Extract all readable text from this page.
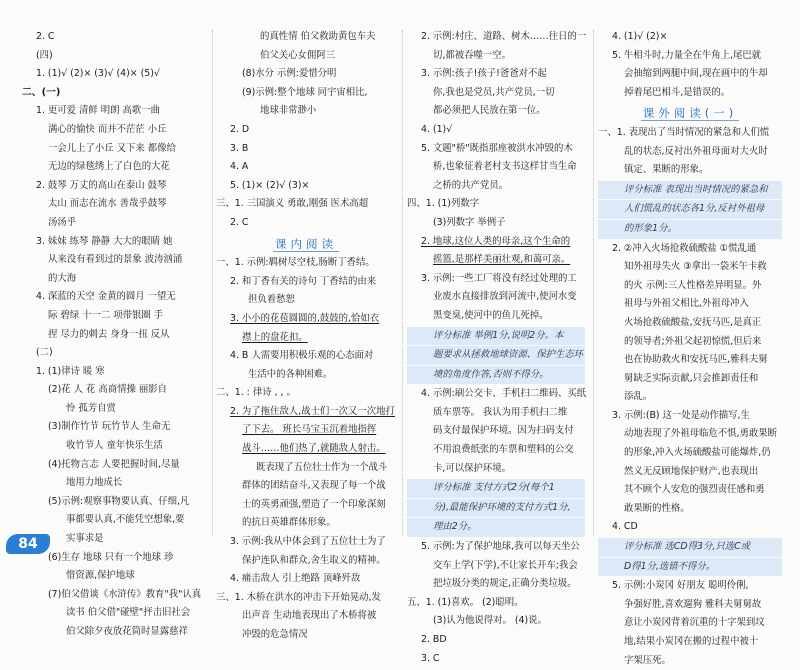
2. C
(四)
1. (1)√ (2)× (3)√ (4)× (5)√
二、(一)
1. 更可爱 清鲜 明朗 高歌一曲
满心的愉快 而并不茫茫 小丘
一会儿上了小丘 又下来 都像给
无边的绿毯绣上了白色的大花
2. 鼓琴 万丈的高山在泰山 鼓琴
太山 而志在流水 善哉乎鼓琴
汤汤乎
3. 妹妹 练琴 静静 大大的眼睛 她
从来没有看到过的景象 波涛汹涌
的大海
4. 深蓝的天空 金黄的圆月 一望无
际 碧绿 十一二 项带银圈 手
捏 尽力的刺去 身身一扭 反从
(二)
1. (1)律诗 暖 寒
(2)花 人 花 高商情操 丽影自
怜 孤芳自赏
(3)制作竹节 玩竹节人 生命无
收竹节人 童年快乐生活
(4)托物言志 人要把握时间,尽量
地用力地成长
(5)示例:观察事物要认真、仔细,凡
事都要认真,不能凭空想象,要
实事求是
(6)生存 地球 只有一个地球 珍
惜资源,保护地球
(7)伯父借谈《水浒传》教育"我"认真
读书 伯父借"碰壁"抨击旧社会
伯父除夕夜放花筒时显露慈祥
的真性情 伯父救助黄包车夫
伯父关心女佣阿三
(8)水分 示例:爱惜分明
(9)示例:整个地球 同宇宙相比,
地球非常渺小
2. D
3. B
4. A
5. (1)× (2)√ (3)×
三、1. 三国演义 勇敢,刚强 医术高超
2. C
课内阅读
一、1. 示例:羁树尽空枝,肠断丁香结。
2. 和丁香有关的诗句 丁香结的由来
担负着愁恕
3. 小小的花苞圆圆的,鼓鼓的,恰如衣
襟上的盘花扣。
4. B 人需要用积极乐观的心态面对
生活中的各种困难。
二、1. : 律诗 , , 。
2. 为了拖住敌人,战士们一次又一次地打
了下去。 班长马宝玉沉着地指挥
战斗……他们热了,就随敌人射击。
既表现了五位壮士作为一个战斗
群体的团结奋斗,又表现了每一个战
士的英勇顽强,塑造了一个印象深刻
的抗日英雄群体形象。
3. 示例:我从中体会到了五位壮士为了
保护连队和群众,舍生取义的精神。
4. 痛击敌人 引上绝路 顶峰歼敌
三、1. 木桥在洪水的冲击下开始晃动,发
出声音 生动地表现出了木桥将被
冲毁的危急情况
2. 示例:村庄、道路、树木……往日的一
切,都被吞噬一空。
3. 示例:孩子!孩子!爸爸对不起
你,我也是党员,共产党员,一切
都必须把人民放在第一位。
4. (1)√
5. 文题"桥"既指那座被洪水冲毁的木
桥,也象征着老村支书这样甘当生命
之桥的共产党员。
四、1. (1)列数字
(3)列数字 举例子
2. 地球,这位人类的母亲,这个生命的
摇篮,是那样美丽壮观,和蔼可亲。
3. 示例:一些工厂将没有经过处理的工
业废水直接排放到河流中,使河水变
黑变臭,使河中的鱼儿死掉。
评分标准 举例1分,说明2分。本
题要求从拯救地球资源、保护生态环
境的角度作答,否则不得分。
4. 示例:刷公交卡、手机扫二维码、买纸
质车票等。 我认为用手机扫二维
码支付最保护环境。因为扫码支付
不用浪费纸张的车票和塑料的公交
卡,可以保护环境。
评分标准 支付方式2分(每个1
分),最能保护环境的支付方式1分,
理由2分。
5. 示例:为了保护地球,我可以每天坐公
交车上学(下学),不让家长开车;我会
把垃圾分类的规定,正确分类垃圾。
五、1. (1)喜欢。 (2)聪明。
(3)认为他说得对。 (4)说。
2. BD
3. C
4. (1)√ (2)×
5. 牛相斗时,力量全在牛角上,尾巴就
会抽缩到两腿中间,现在画中的牛却
掉着尾巴相斗,是错误的。
课外阅读(一)
一、1. 表现出了当时情况的紧急和人们慌
乱的状态,反衬出外祖母面对大火时
镇定、果断的形象。
评分标准 表现出当时情况的紧急和
人们慌乱的状态各1分,反衬外祖母
的形象1分。
2. ②冲入火场抢救硫酸盐 ①慌乱通
知外祖母失火 ③拿出一袋米午卡救
的火 示例:三人性格差异明显。外
祖母与外祖父相比,外祖母冲入
火场抢救硫酸盐,安抚马匹,是真正
的领导者;外祖父起初惊慌,但后来
也在协助救火和安抚马匹,雅科夫舅
舅缺乏实际贡献,只会推卸责任和
添乱。
3. 示例:(B) 这一处是动作描写,生
动地表现了外祖母临危不惧,勇敢果断
的形象,冲入火场硫酸盐可能爆炸,仍
然义无反顾地保护财产,也表现出
其不顾个人安危的强烈责任感和勇
敢果断的性格。
4. CD
评分标准 选CD得3分,只选C或
D得1分,选错不得分。
5. 示例:小炭冈 好朋友 聪明伶俐,
争强好胜,喜欢遛狗 雅科夫舅舅故
意让小炭冈背着沉重的十字架到坟
地,结果小炭冈在搬的过程中被十
字架压死。
84
